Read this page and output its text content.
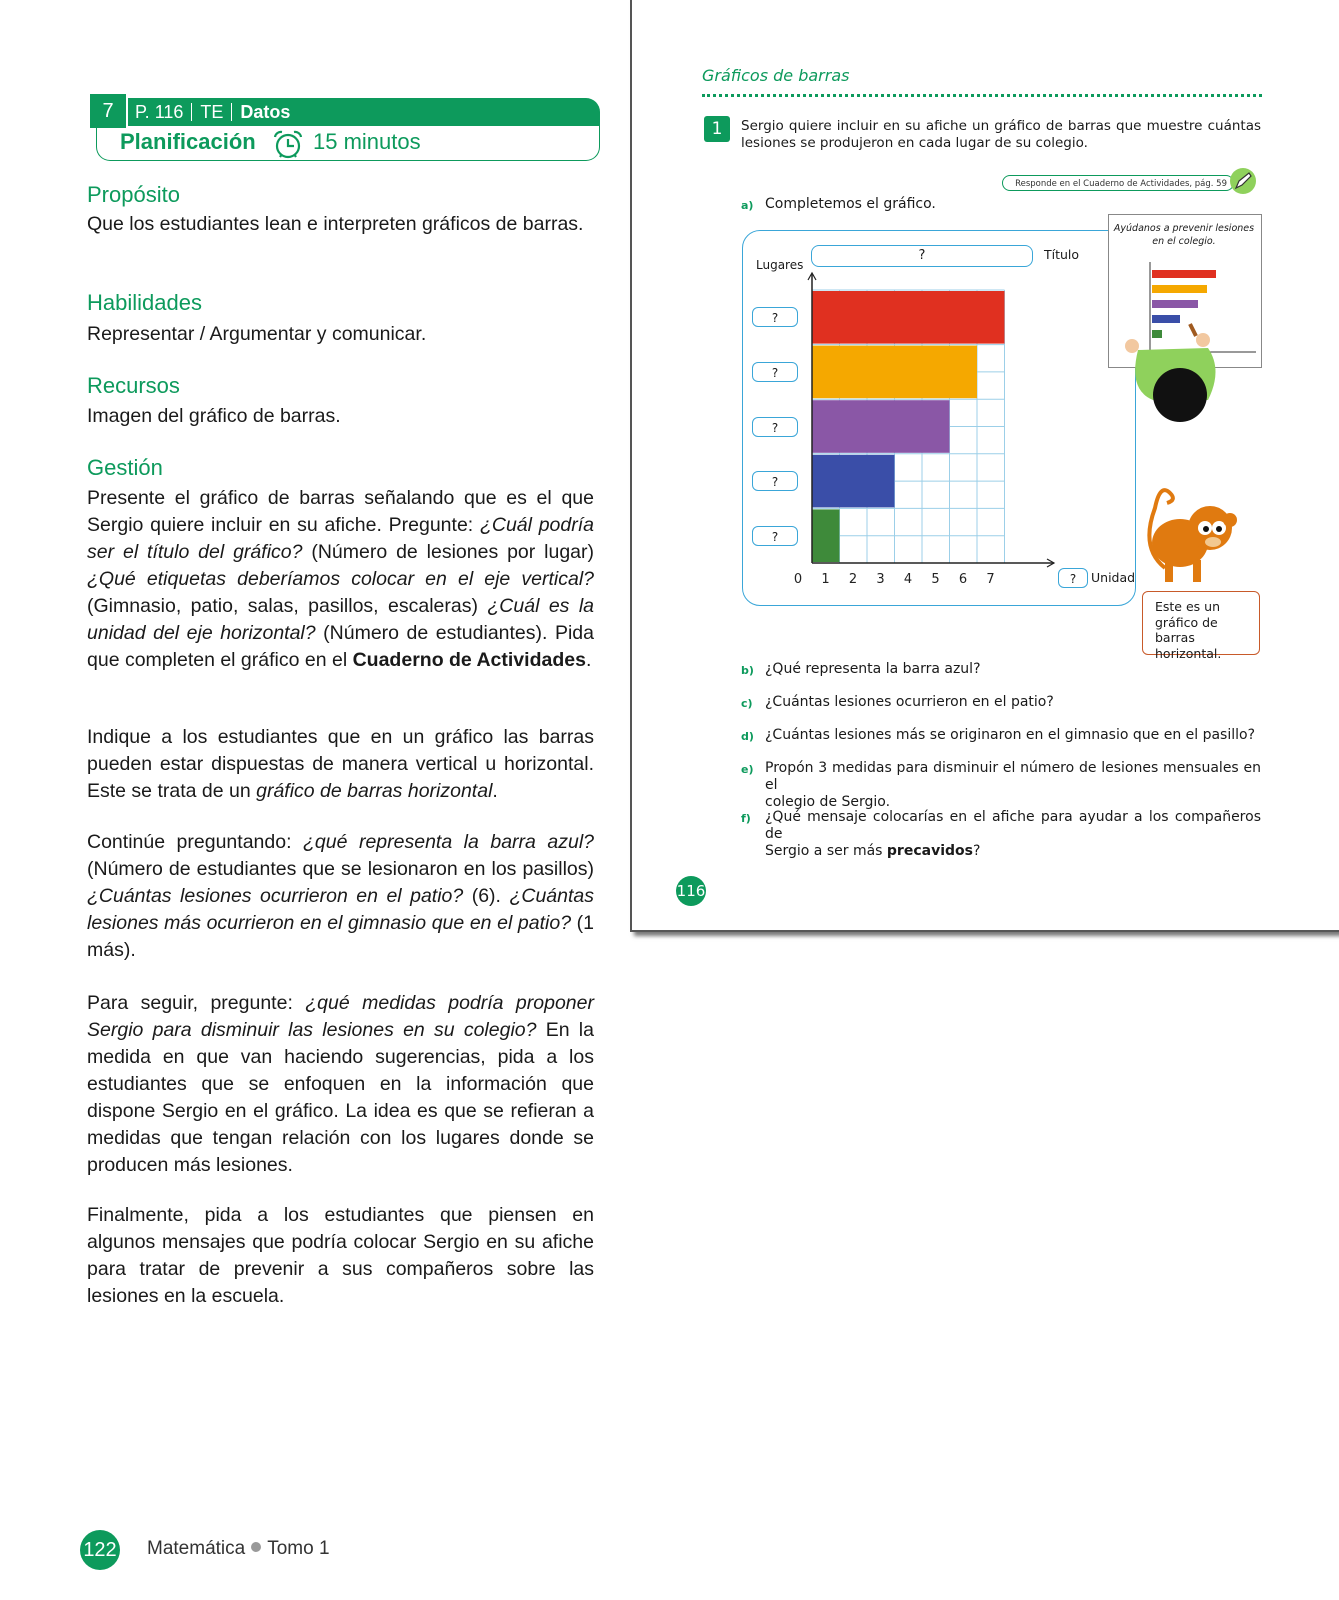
7	P. 116 TE Datos
Planificación	15 minutos
Propósito
Que los estudiantes lean e interpreten gráficos de barras.
Habilidades
Representar / Argumentar y comunicar.
Recursos
Imagen del gráfico de barras.
Gestión
Presente el gráfico de barras señalando que es el que Sergio quiere incluir en su afiche. Pregunte: ¿Cuál podría ser el título del gráfico? (Número de lesiones por lugar) ¿Qué etiquetas deberíamos colocar en el eje vertical? (Gimnasio, patio, salas, pasillos, escaleras) ¿Cuál es la unidad del eje horizontal? (Número de estudiantes). Pida que completen el gráfico en el Cuaderno de Actividades.
Indique a los estudiantes que en un gráfico las barras pueden estar dispuestas de manera vertical u horizontal. Este se trata de un gráfico de barras horizontal.
Continúe preguntando: ¿qué representa la barra azul? (Número de estudiantes que se lesionaron en los pasillos) ¿Cuántas lesiones ocurrieron en el patio? (6). ¿Cuántas lesiones más ocurrieron en el gimnasio que en el patio? (1 más).
Para seguir, pregunte: ¿qué medidas podría proponer Sergio para disminuir las lesiones en su colegio? En la medida en que van haciendo sugerencias, pida a los estudiantes que se enfoquen en la información que dispone Sergio en el gráfico. La idea es que se refieran a medidas que tengan relación con los lugares donde se producen más lesiones.
Finalmente, pida a los estudiantes que piensen en algunos mensajes que podría colocar Sergio en su afiche para tratar de prevenir a sus compañeros sobre las lesiones en la escuela.
122 Matemática Tomo 1
Gráficos de barras
1	Sergio quiere incluir en su afiche un gráfico de barras que muestre cuántas lesiones se produjeron en cada lugar de su colegio.
Responde en el Cuaderno de Actividades, pág. 59
a) Completemos el gráfico.
?	Título
Lugares
?	Unidad
?
?
?
?
?
0 1 2 3 4 5 6 7
Ayúdanos a prevenir lesiones en el colegio.
Este es un gráfico de barras horizontal.
b) ¿Qué representa la barra azul?
c) ¿Cuántas lesiones ocurrieron en el patio?
d) ¿Cuántas lesiones más se originaron en el gimnasio que en el pasillo?
e) Propón 3 medidas para disminuir el número de lesiones mensuales en el
colegio de Sergio.
f) ¿Qué mensaje colocarías en el afiche para ayudar a los compañeros de
Sergio a ser más precavidos?
116
